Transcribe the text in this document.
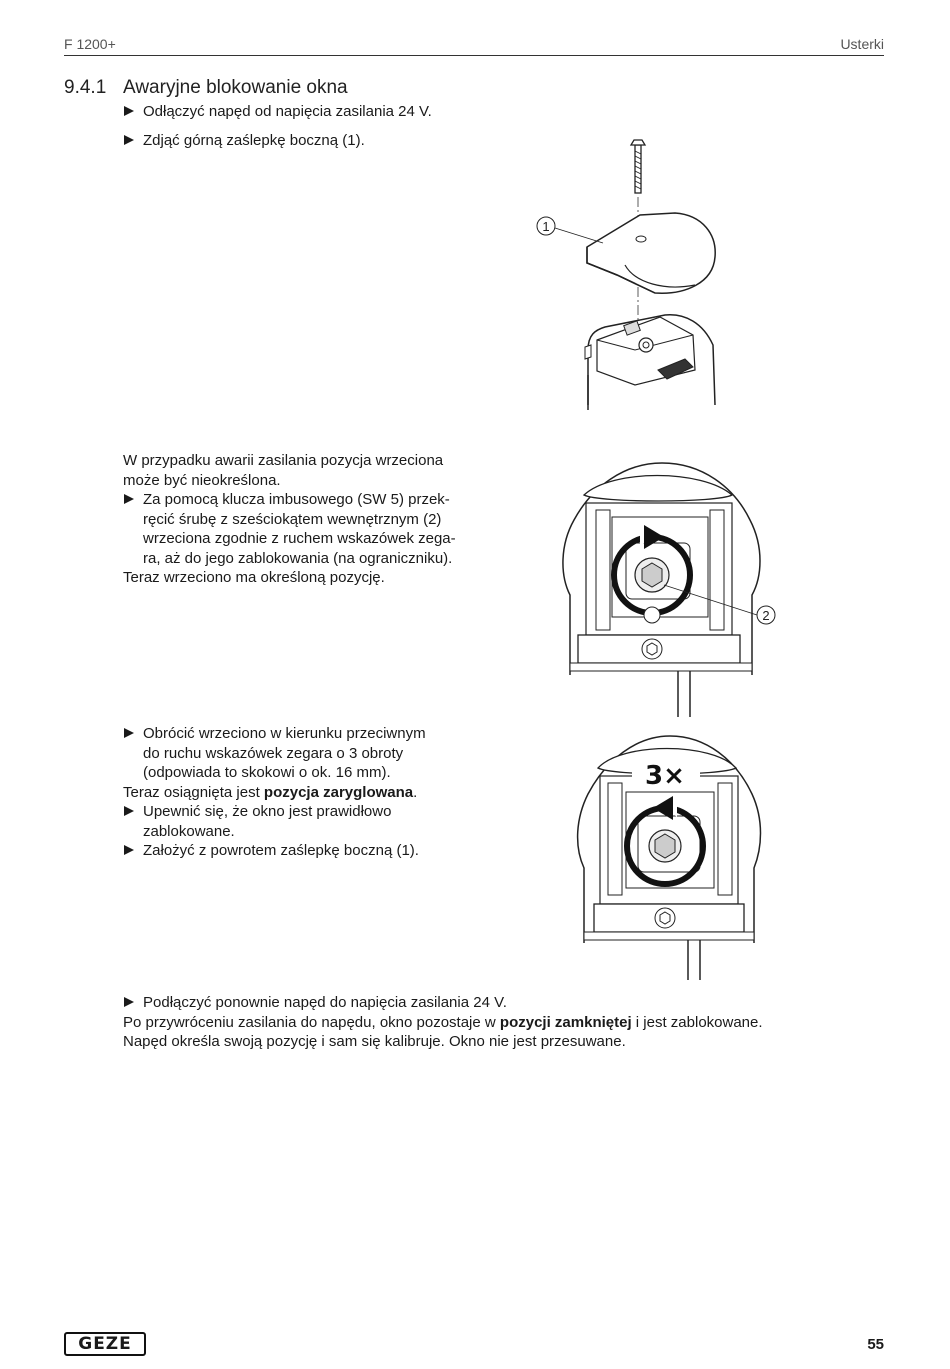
F 1200+	Usterki
9.4.1 Awaryjne blokowanie okna
Odłączyć napęd od napięcia zasilania 24 V.
Zdjąć górną zaślepkę boczną (1).
1
W przypadku awarii zasilania pozycja wrzeciona
może być nieokreślona.
Za pomocą klucza imbusowego (SW 5) przek-
ręcić śrubę z sześciokątem wewnętrznym (2)
wrzeciona zgodnie z ruchem wskazówek zega-
ra, aż do jego zablokowania (na ograniczniku).
Teraz wrzeciono ma określoną pozycję.
2
Obrócić wrzeciono w kierunku przeciwnym
do ruchu wskazówek zegara o 3 obroty
(odpowiada to skokowi o ok. 16 mm).
Teraz osiągnięta jest pozycja zaryglowana.
Upewnić się, że okno jest prawidłowo
zablokowane.
Założyć z powrotem zaślepkę boczną (1).
3×
Podłączyć ponownie napęd do napięcia zasilania 24 V.
Po przywróceniu zasilania do napędu, okno pozostaje w pozycji zamkniętej i jest zablokowane.
Napęd określa swoją pozycję i sam się kalibruje. Okno nie jest przesuwane.
GEZE	55
